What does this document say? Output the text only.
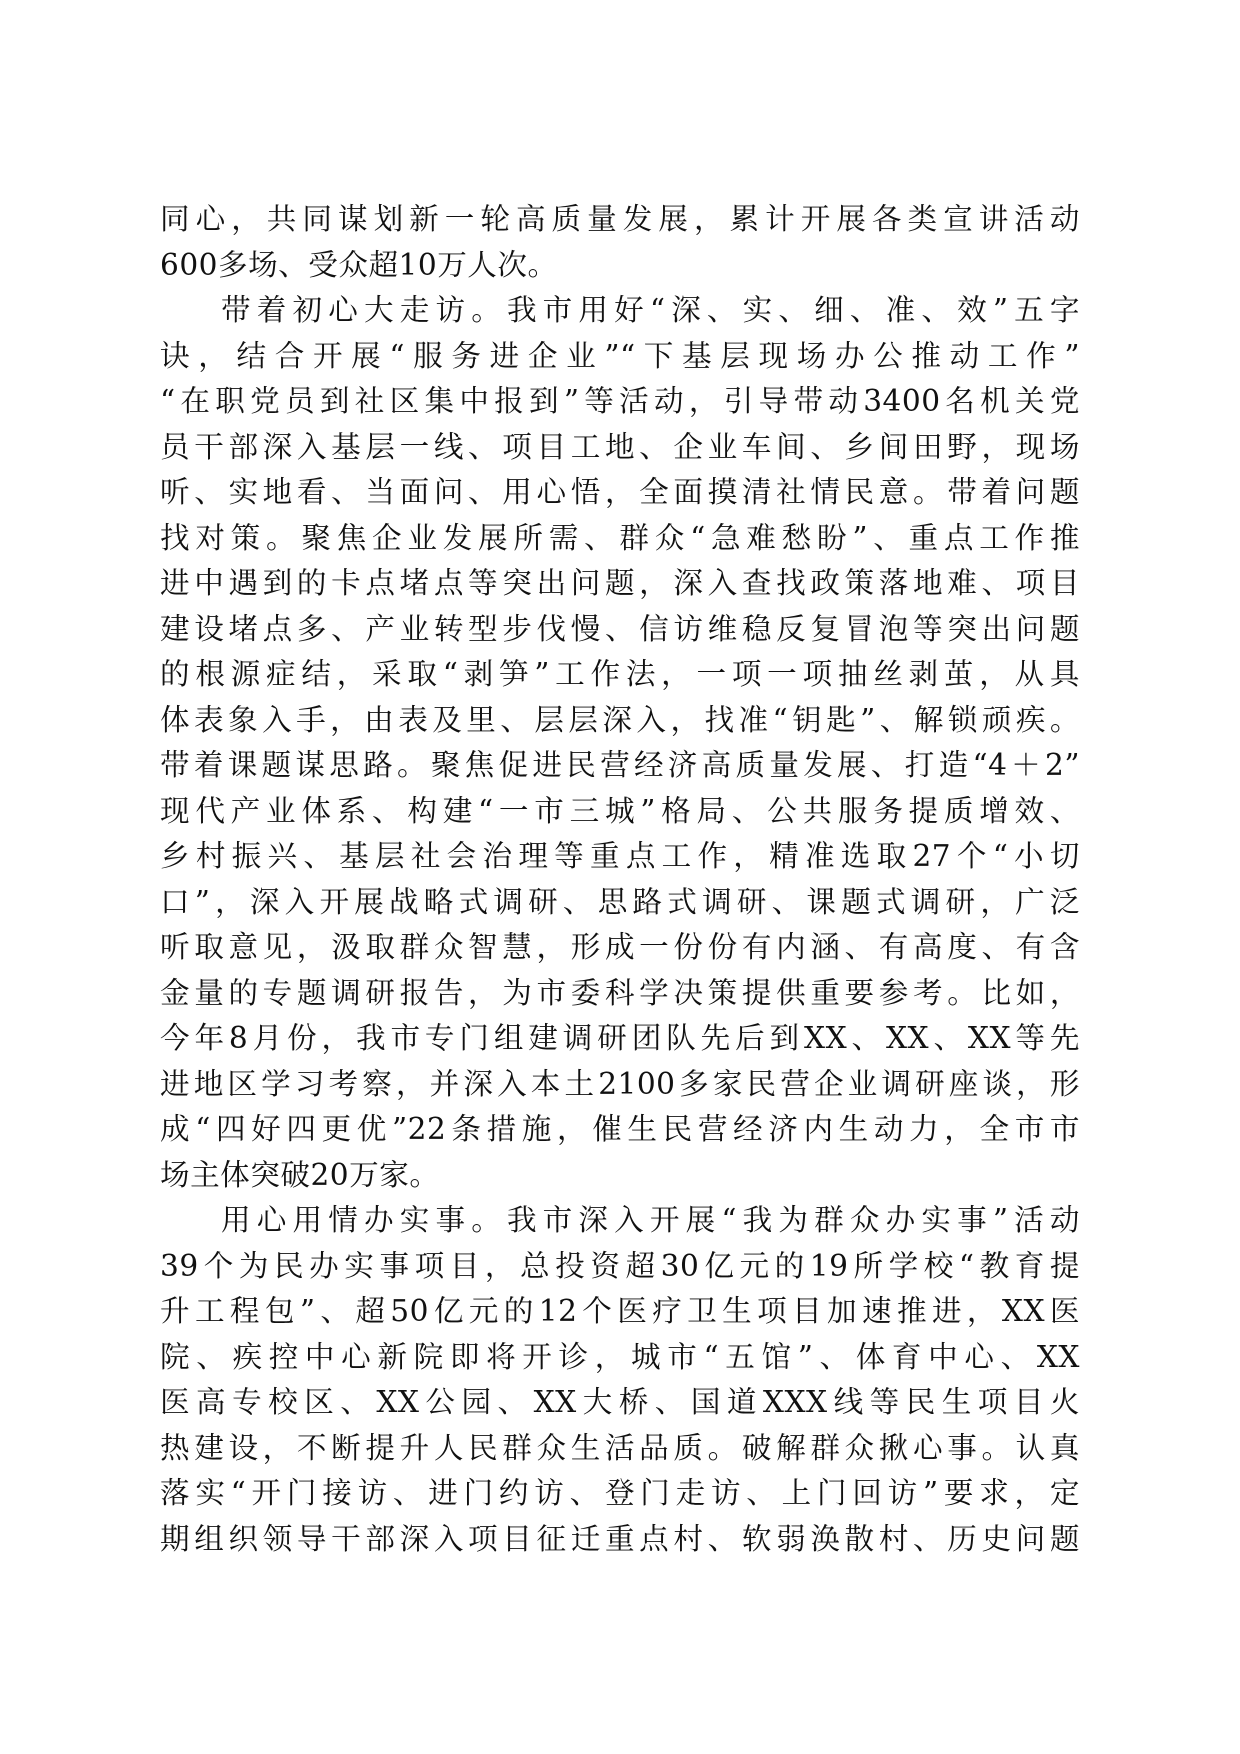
同心，共同谋划新一轮高质量发展，累计开展各类宣讲活动
600多场、受众超10万人次。
带着初心大走访。我市用好“深、实、细、准、效”五字
诀，结合开展“服务进企业”“下基层现场办公推动工作”
“在职党员到社区集中报到”等活动，引导带动3400名机关党
员干部深入基层一线、项目工地、企业车间、乡间田野，现场
听、实地看、当面问、用心悟，全面摸清社情民意。带着问题
找对策。聚焦企业发展所需、群众“急难愁盼”、重点工作推
进中遇到的卡点堵点等突出问题，深入查找政策落地难、项目
建设堵点多、产业转型步伐慢、信访维稳反复冒泡等突出问题
的根源症结，采取“剥笋”工作法，一项一项抽丝剥茧，从具
体表象入手，由表及里、层层深入，找准“钥匙”、解锁顽疾。
带着课题谋思路。聚焦促进民营经济高质量发展、打造“4＋2”
现代产业体系、构建“一市三城”格局、公共服务提质增效、
乡村振兴、基层社会治理等重点工作，精准选取27个“小切
口”，深入开展战略式调研、思路式调研、课题式调研，广泛
听取意见，汲取群众智慧，形成一份份有内涵、有高度、有含
金量的专题调研报告，为市委科学决策提供重要参考。比如，
今年8月份，我市专门组建调研团队先后到XX、XX、XX等先
进地区学习考察，并深入本土2100多家民营企业调研座谈，形
成“四好四更优”22条措施，催生民营经济内生动力，全市市
场主体突破20万家。
用心用情办实事。我市深入开展“我为群众办实事”活动
39个为民办实事项目，总投资超30亿元的19所学校“教育提
升工程包”、超50亿元的12个医疗卫生项目加速推进，XX医
院、疾控中心新院即将开诊，城市“五馆”、体育中心、XX
医高专校区、XX公园、XX大桥、国道XXX线等民生项目火
热建设，不断提升人民群众生活品质。破解群众揪心事。认真
落实“开门接访、进门约访、登门走访、上门回访”要求，定
期组织领导干部深入项目征迁重点村、软弱涣散村、历史问题
